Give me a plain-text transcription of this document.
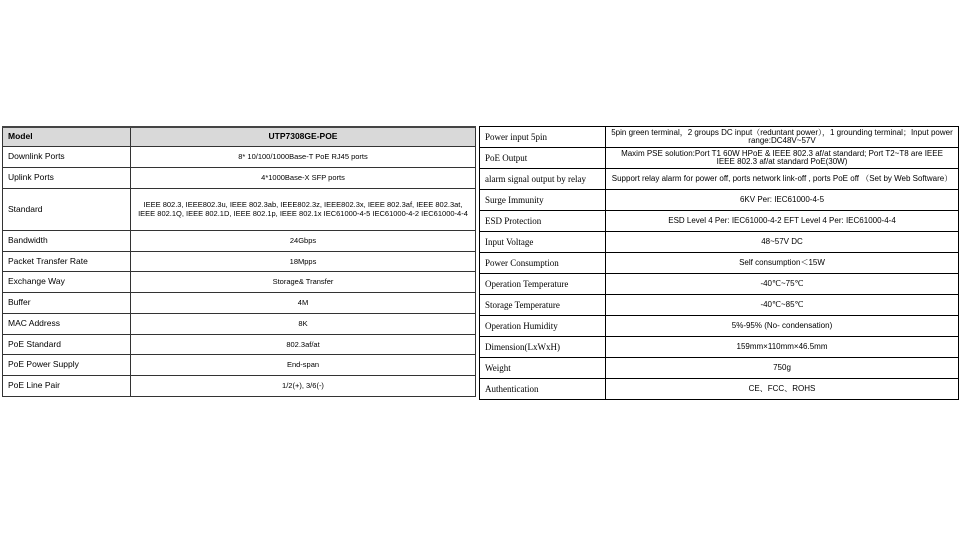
Model	UTP7308GE-POE
Downlink Ports	8* 10/100/1000Base-T PoE RJ45 ports
Uplink Ports	4*1000Base-X SFP ports
Standard	IEEE 802.3, IEEE802.3u, IEEE 802.3ab, IEEE802.3z, IEEE802.3x, IEEE 802.3af, IEEE 802.3at, IEEE 802.1Q, IEEE 802.1D, IEEE 802.1p, IEEE 802.1x IEC61000-4-5 IEC61000-4-2 IEC61000-4-4
Bandwidth	24Gbps
Packet Transfer Rate	18Mpps
Exchange Way	Storage& Transfer
Buffer	4M
MAC Address	8K
PoE Standard	802.3af/at
PoE Power Supply	End-span
PoE Line Pair	1/2(+), 3/6(-)
Power input 5pin	5pin green terminal，2 groups DC input（reduntant power），1 grounding terminal；Input power range:DC48V~57V
PoE Output	Maxim PSE solution:Port T1 60W HPoE & IEEE 802.3 af/at standard; Port T2~T8 are IEEE IEEE 802.3 af/at standard PoE(30W)
alarm signal output by relay	Support relay alarm for power off, ports network link-off , ports PoE off （Set by Web Software）
Surge Immunity	6KV Per: IEC61000-4-5
ESD Protection	ESD Level 4 Per: IEC61000-4-2 EFT Level 4 Per: IEC61000-4-4
Input Voltage	48~57V DC
Power Consumption	Self consumption＜15W
Operation Temperature	-40℃~75℃
Storage Temperature	-40℃~85℃
Operation Humidity	5%-95% (No- condensation)
Dimension(LxWxH)	159mm×110mm×46.5mm
Weight	750g
Authentication	CE、FCC、ROHS
